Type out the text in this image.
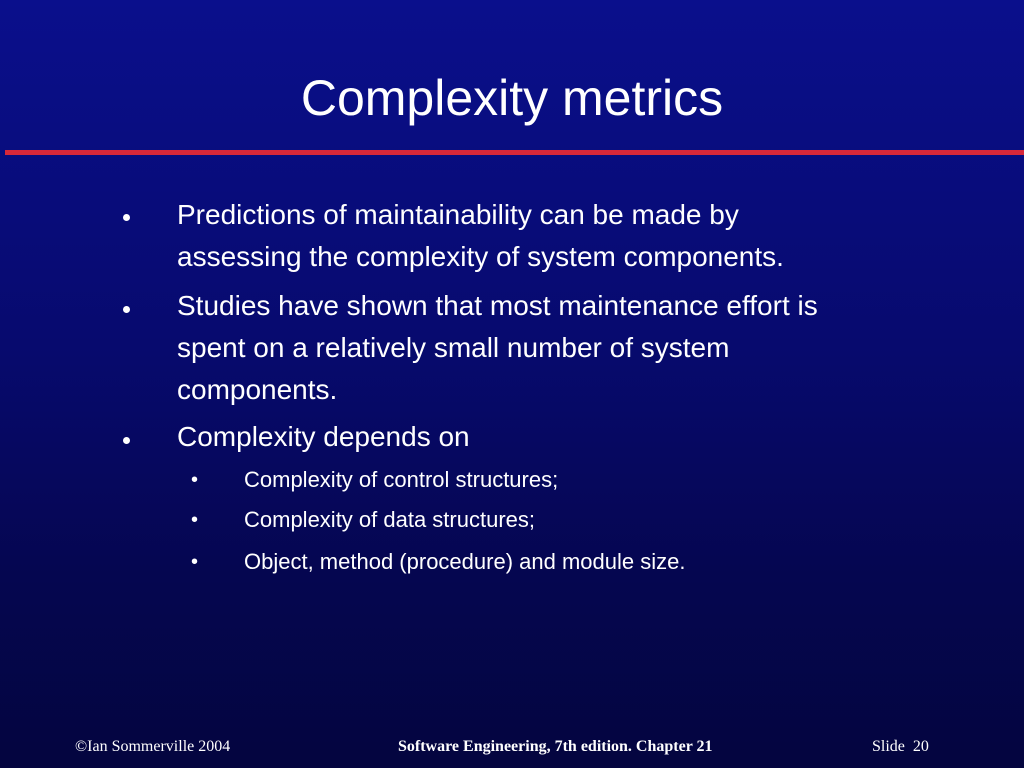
Complexity metrics
Predictions of maintainability can be made by
assessing the complexity of system components.
Studies have shown that most maintenance effort is
spent on a relatively small number of system
components.
Complexity depends on
• Complexity of control structures;
• Complexity of data structures;
• Object, method (procedure) and module size.
©Ian Sommerville 2004	Software Engineering, 7th edition. Chapter 21	Slide  20
